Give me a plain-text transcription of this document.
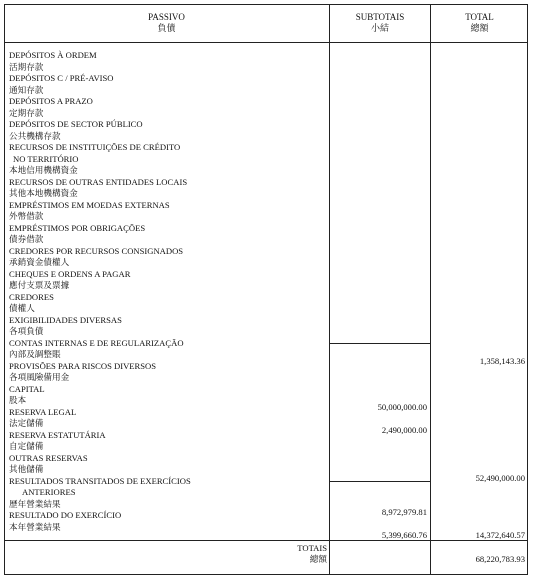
PASSIVO
負債
SUBTOTAIS
小結
TOTAL
總額
DEPÓSITOS À ORDEM
活期存款
DEPÓSITOS C / PRÉ-AVISO
通知存款
DEPÓSITOS A PRAZO
定期存款
DEPÓSITOS DE SECTOR PÚBLICO
公共機構存款
RECURSOS DE INSTITUIÇÕES DE CRÉDITO
NO TERRITÓRIO
本地信用機構資金
RECURSOS DE OUTRAS ENTIDADES LOCAIS
其他本地機構資金
EMPRÉSTIMOS EM MOEDAS EXTERNAS
外幣借款
EMPRÉSTIMOS POR OBRIGAÇÕES
債券借款
CREDORES POR RECURSOS CONSIGNADOS
承銷資金債權人
CHEQUES E ORDENS A PAGAR
應付支票及票據
CREDORES
債權人
EXIGIBILIDADES DIVERSAS
各項負債
CONTAS INTERNAS E DE REGULARIZAÇÃO
內部及調整賬
PROVISÕES PARA RISCOS DIVERSOS
各項風險備用金
CAPITAL
股本
RESERVA LEGAL
法定儲備
RESERVA ESTATUTÁRIA
自定儲備
OUTRAS RESERVAS
其他儲備
RESULTADOS TRANSITADOS DE EXERCÍCIOS
ANTERIORES
歷年營業結果
RESULTADO DO EXERCÍCIO
本年營業結果
50,000,000.00
2,490,000.00
8,972,979.81
5,399,660.76
1,358,143.36
52,490,000.00
14,372,640.57
TOTAIS
總額	68,220,783.93
